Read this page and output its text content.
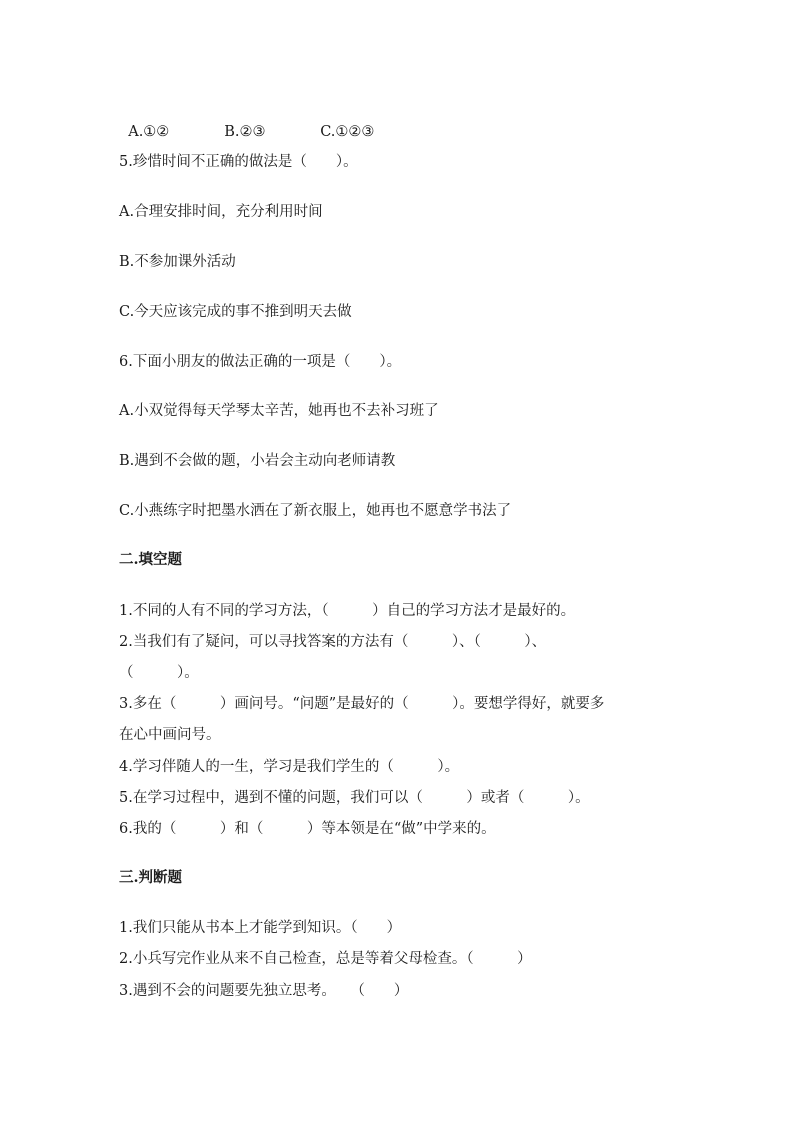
A.①②	B.②③	C.①②③

5.珍惜时间不正确的做法是（　　）。
A.合理安排时间，充分利用时间
B.不参加课外活动
C.今天应该完成的事不推到明天去做
6.下面小朋友的做法正确的一项是（　　）。
A.小双觉得每天学琴太辛苦，她再也不去补习班了
B.遇到不会做的题，小岩会主动向老师请教
C.小燕练字时把墨水洒在了新衣服上，她再也不愿意学书法了
二.填空题
1.不同的人有不同的学习方法，（　　　）自己的学习方法才是最好的。
2.当我们有了疑问，可以寻找答案的方法有（　　　）、（　　　）、
（　　　）。
3.多在（　　　）画问号。“问题”是最好的（　　　）。要想学得好，就要多
在心中画问号。
4.学习伴随人的一生，学习是我们学生的（　　　）。
5.在学习过程中，遇到不懂的问题，我们可以（　　　）或者（　　　）。
6.我的（　　　）和（　　　）等本领是在“做”中学来的。
三.判断题
1.我们只能从书本上才能学到知识。（　　）
2.小兵写完作业从来不自己检查，总是等着父母检查。（　　　）
3.遇到不会的问题要先独立思考。　　（　　）
